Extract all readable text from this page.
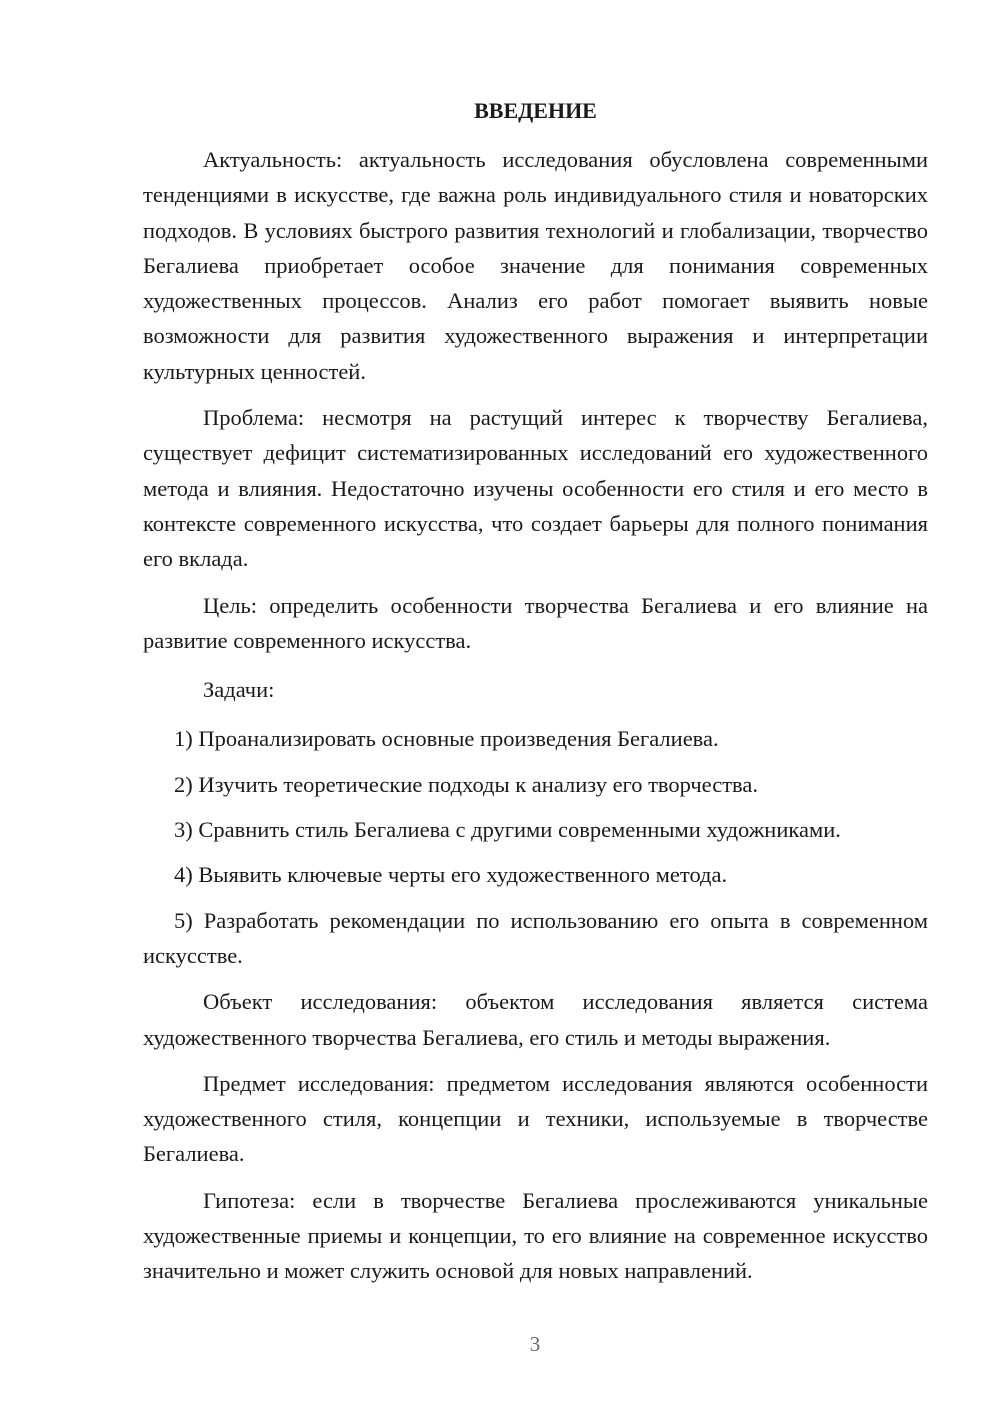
ВВЕДЕНИЕ

Актуальность: актуальность исследования обусловлена современными тенденциями в искусстве, где важна роль индивидуального стиля и новаторских подходов. В условиях быстрого развития технологий и глобализации, творчество Бегалиева приобретает особое значение для понимания современных художественных процессов. Анализ его работ помогает выявить новые возможности для развития художественного выражения и интерпретации культурных ценностей.

Проблема: несмотря на растущий интерес к творчеству Бегалиева, существует дефицит систематизированных исследований его художественного метода и влияния. Недостаточно изучены особенности его стиля и его место в контексте современного искусства, что создает барьеры для полного понимания его вклада.

Цель: определить особенности творчества Бегалиева и его влияние на развитие современного искусства.

Задачи:

1) Проанализировать основные произведения Бегалиева.

2) Изучить теоретические подходы к анализу его творчества.

3) Сравнить стиль Бегалиева с другими современными художниками.

4) Выявить ключевые черты его художественного метода.

5) Разработать рекомендации по использованию его опыта в современном искусстве.

Объект исследования: объектом исследования является система художественного творчества Бегалиева, его стиль и методы выражения.

Предмет исследования: предметом исследования являются особенности художественного стиля, концепции и техники, используемые в творчестве Бегалиева.

Гипотеза: если в творчестве Бегалиева прослеживаются уникальные художественные приемы и концепции, то его влияние на современное искусство значительно и может служить основой для новых направлений.

3
